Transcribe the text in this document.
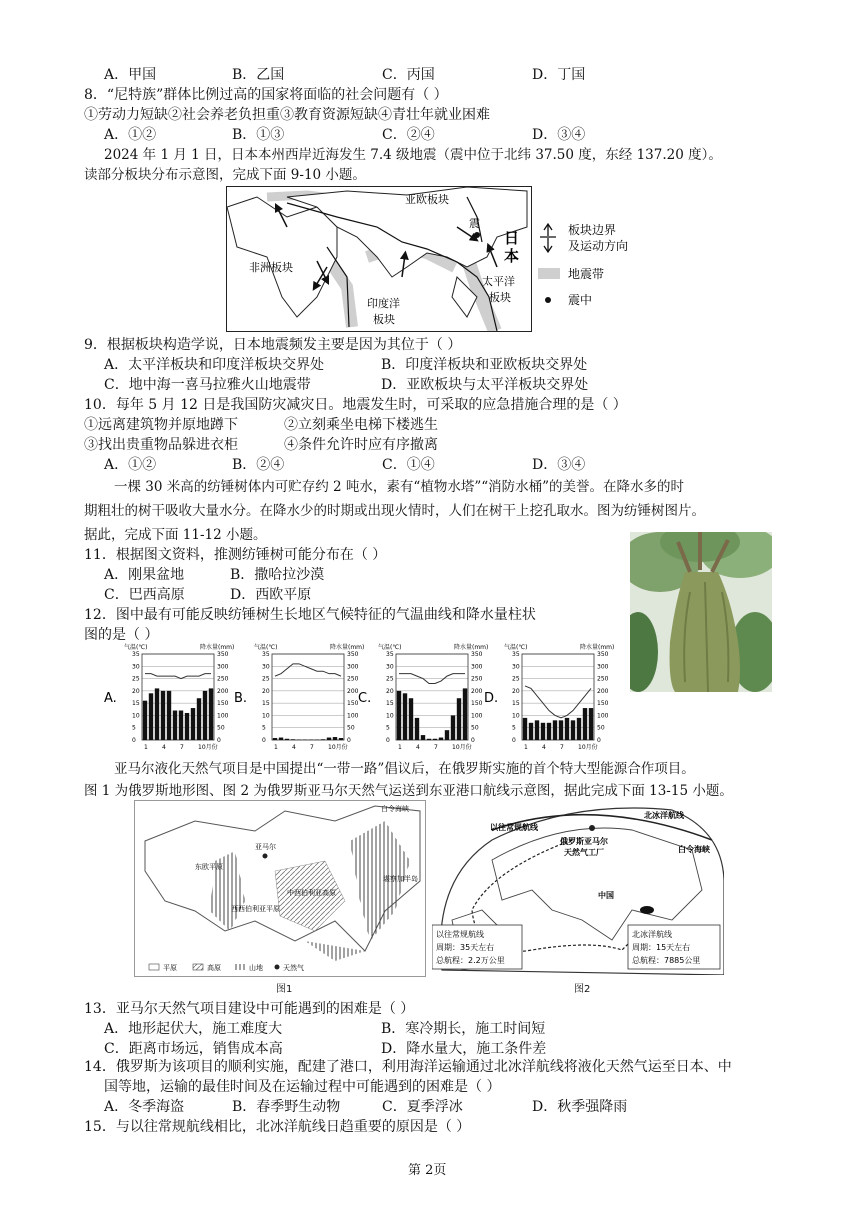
A．甲国	B．乙国	C．丙国	D．丁国
8．“尼特族”群体比例过高的国家将面临的社会问题有（ ）
①劳动力短缺②社会养老负担重③教育资源短缺④青壮年就业困难
A．①②	B．①③	C．②④	D．③④
2024 年 1 月 1 日，日本本州西岸近海发生 7.4 级地震（震中位于北纬 37.50 度，东经 137.20 度）。
读部分板块分布示意图，完成下面 9-10 小题。
亚欧板块
非洲板块
印度洋
板块
太平洋
板块
震
日
本
板块边界
及运动方向
地震带
震中
9．根据板块构造学说，日本地震频发主要是因为其位于（ ）
A．太平洋板块和印度洋板块交界处	B．印度洋板块和亚欧板块交界处
C．地中海一喜马拉雅火山地震带	D．亚欧板块与太平洋板块交界处
10．每年 5 月 12 日是我国防灾减灾日。地震发生时，可采取的应急措施合理的是（ ）
①远离建筑物并原地蹲下	②立刻乘坐电梯下楼逃生
③找出贵重物品躲进衣柜	④条件允许时应有序撤离
A．①②	B．②④	C．①④	D．③④
一棵 30 米高的纺锤树体内可贮存约 2 吨水，素有“植物水塔”“消防水桶”的美誉。在降水多的时
期粗壮的树干吸收大量水分。在降水少的时期或出现火情时，人们在树干上挖孔取水。图为纺锤树图片。
据此，完成下面 11-12 小题。
11．根据图文资料，推测纺锤树可能分布在（ ）
A．刚果盆地	B．撒哈拉沙漠
C．巴西高原	D．西欧平原
12．图中最有可能反映纺锤树生长地区气候特征的气温曲线和降水量柱状
图的是（ ）
A.
气温(℃)	降水量(mm)
35	350
30	300
25	250
20	200
15	150
10	100
5	50
0	0
1 4 7 10月份
B.
气温(℃)	降水量(mm)
35	350
30	300
25	250
20	200
15	150
10	100
5	50
0	0
1 4 7 10月份
C.
气温(℃)	降水量(mm)
35	350
30	300
25	250
20	200
15	150
10	100
5	50
0	0
1 4 7 10月份
D.
气温(℃)	降水量(mm)
35	350
30	300
25	250
20	200
15	150
10	100
5	50
0	0
1 4 7 10月份
亚马尔液化天然气项目是中国提出“一带一路”倡议后，在俄罗斯实施的首个特大型能源合作项目。
图 1 为俄罗斯地形图、图 2 为俄罗斯亚马尔天然气运送到东亚港口航线示意图，据此完成下面 13-15 小题。
白令海峡
东欧平原
亚马尔
西西伯利亚平原
中西伯利亚高原
堪察加半岛
平原	高原	山地	天然气
图1
以往常规航线
北冰洋航线
俄罗斯亚马尔
天然气工厂	白令海峡
中国
以往常规航线
周期：35天左右
总航程：2.2万公里
北冰洋航线
周期：15天左右
总航程：7885公里
图2
13．亚马尔天然气项目建设中可能遇到的困难是（ ）
A．地形起伏大，施工难度大	B．寒冷期长，施工时间短
C．距离市场远，销售成本高	D．降水量大，施工条件差
14．俄罗斯为该项目的顺利实施，配建了港口，利用海洋运输通过北冰洋航线将液化天然气运至日本、中
国等地，运输的最佳时间及在运输过程中可能遇到的困难是（ ）
A．冬季海盗	B．春季野生动物	C．夏季浮冰	D．秋季强降雨
15．与以往常规航线相比，北冰洋航线日趋重要的原因是（ ）
第 2页
